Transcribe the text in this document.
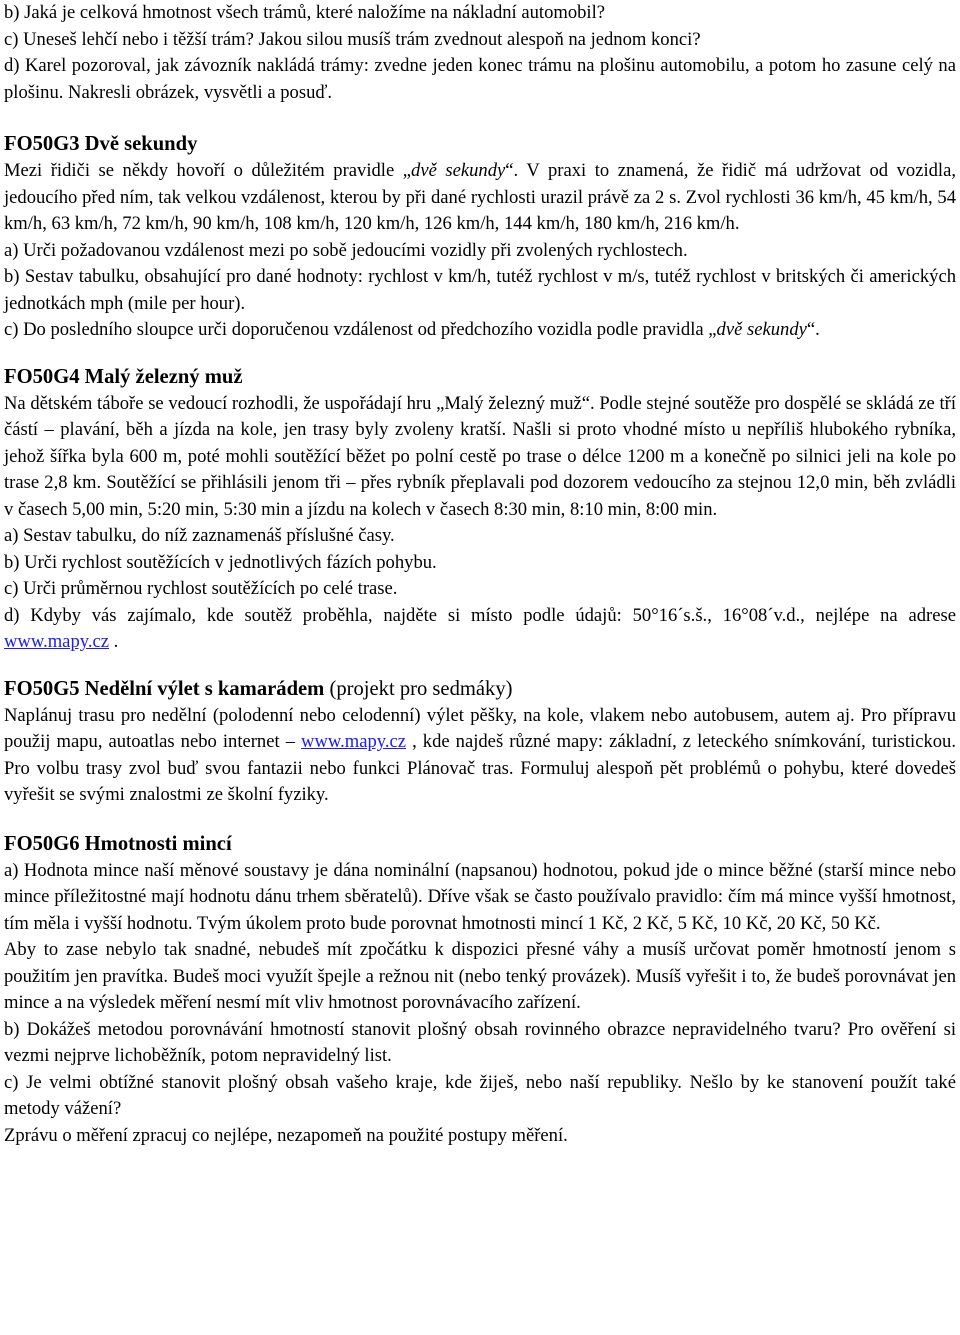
b) Jaká je celková hmotnost všech trámů, které naložíme na nákladní automobil?

c) Uneseš lehčí nebo i těžší trám? Jakou silou musíš trám zvednout alespoň na jednom konci?

d) Karel pozoroval, jak závozník nakládá trámy: zvedne jeden konec trámu na plošinu automobilu, a potom ho zasune celý na plošinu. Nakresli obrázek, vysvětli a posuď.

FO50G3 Dvě sekundy

Mezi řidiči se někdy hovoří o důležitém pravidle „dvě sekundy“. V praxi to znamená, že řidič má udržovat od vozidla, jedoucího před ním, tak velkou vzdálenost, kterou by při dané rychlosti urazil právě za 2 s. Zvol rychlosti 36 km/h, 45 km/h, 54 km/h, 63 km/h, 72 km/h, 90 km/h, 108 km/h, 120 km/h, 126 km/h, 144 km/h, 180 km/h, 216 km/h.

a) Urči požadovanou vzdálenost mezi po sobě jedoucími vozidly při zvolených rychlostech.

b) Sestav tabulku, obsahující pro dané hodnoty: rychlost v km/h, tutéž rychlost v m/s, tutéž rychlost v britských či amerických jednotkách mph (mile per hour).

c) Do posledního sloupce urči doporučenou vzdálenost od předchozího vozidla podle pravidla „dvě sekundy“.

FO50G4 Malý železný muž

Na dětském táboře se vedoucí rozhodli, že uspořádají hru „Malý železný muž“. Podle stejné soutěže pro dospělé se skládá ze tří částí – plavání, běh a jízda na kole, jen trasy byly zvoleny kratší. Našli si proto vhodné místo u nepříliš hlubokého rybníka, jehož šířka byla 600 m, poté mohli soutěžící běžet po polní cestě po trase o délce 1200 m a konečně po silnici jeli na kole po trase 2,8 km. Soutěžící se přihlásili jenom tři – přes rybník přeplavali pod dozorem vedoucího za stejnou 12,0 min, běh zvládli v časech 5,00 min, 5:20 min, 5:30 min a jízdu na kolech v časech 8:30 min, 8:10 min, 8:00 min.

a) Sestav tabulku, do níž zaznamenáš příslušné časy.

b) Urči rychlost soutěžících v jednotlivých fázích pohybu.

c) Urči průměrnou rychlost soutěžících po celé trase.

d) Kdyby vás zajímalo, kde soutěž proběhla, najděte si místo podle údajů: 50°16´s.š., 16°08´v.d., nejlépe na adrese www.mapy.cz .

FO50G5 Nedělní výlet s kamarádem (projekt pro sedmáky)

Naplánuj trasu pro nedělní (polodenní nebo celodenní) výlet pěšky, na kole, vlakem nebo autobusem, autem aj. Pro přípravu použij mapu, autoatlas nebo internet – www.mapy.cz , kde najdeš různé mapy: základní, z leteckého snímkování, turistickou. Pro volbu trasy zvol buď svou fantazii nebo funkci Plánovač tras. Formuluj alespoň pět problémů o pohybu, které dovedeš vyřešit se svými znalostmi ze školní fyziky.

FO50G6 Hmotnosti mincí

a) Hodnota mince naší měnové soustavy je dána nominální (napsanou) hodnotou, pokud jde o mince běžné (starší mince nebo mince příležitostné mají hodnotu dánu trhem sběratelů). Dříve však se často používalo pravidlo: čím má mince vyšší hmotnost, tím měla i vyšší hodnotu. Tvým úkolem proto bude porovnat hmotnosti mincí 1 Kč, 2 Kč, 5 Kč, 10 Kč, 20 Kč, 50 Kč.

Aby to zase nebylo tak snadné, nebudeš mít zpočátku k dispozici přesné váhy a musíš určovat poměr hmotností jenom s použitím jen pravítka. Budeš moci využít špejle a režnou nit (nebo tenký provázek). Musíš vyřešit i to, že budeš porovnávat jen mince a na výsledek měření nesmí mít vliv hmotnost porovnávacího zařízení.

b) Dokážeš metodou porovnávání hmotností stanovit plošný obsah rovinného obrazce nepravidelného tvaru? Pro ověření si vezmi nejprve lichoběžník, potom nepravidelný list.

c) Je velmi obtížné stanovit plošný obsah vašeho kraje, kde žiješ, nebo naší republiky. Nešlo by ke stanovení použít také metody vážení?

Zprávu o měření zpracuj co nejlépe, nezapomeň na použité postupy měření.
